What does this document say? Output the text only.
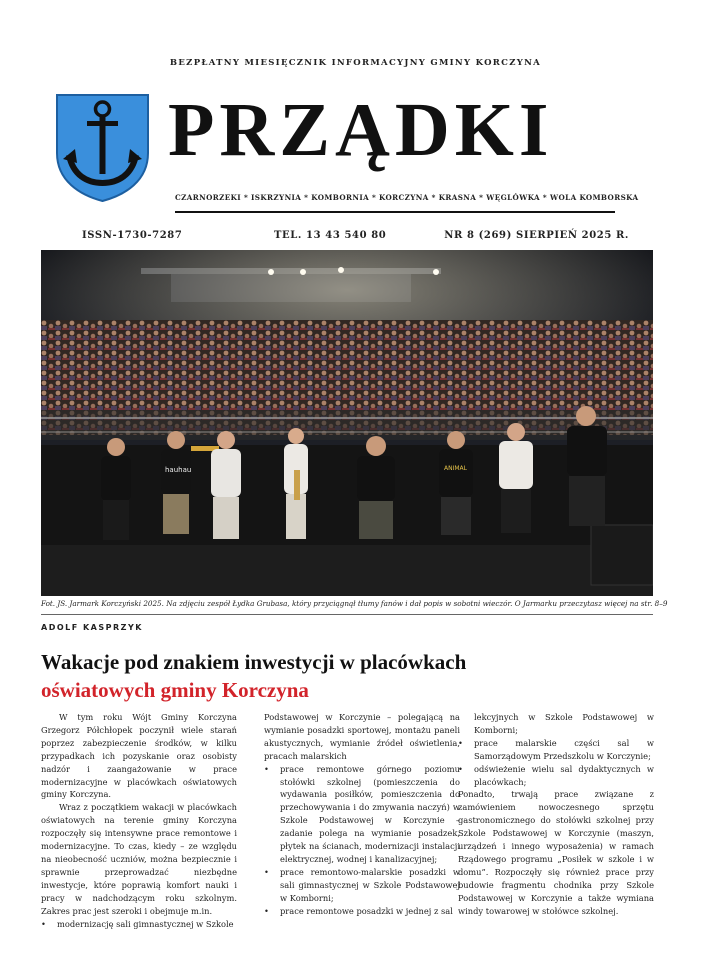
BEZPŁATNY MIESIĘCZNIK INFORMACYJNY GMINY KORCZYNA
PRZĄDKI
CZARNORZEKI * ISKRZYNIA * KOMBORNIA * KORCZYNA * KRASNA * WĘGLÓWKA * WOLA KOMBORSKA
ISSN-1730-7287	TEL. 13 43 540 80	NR 8 (269) SIERPIEŃ 2025 R.
hauhau	ANIMAL
Fot. JS. Jarmark Korczyński 2025. Na zdjęciu zespół Łydka Grubasa, który przyciągnął tłumy fanów i dał popis w sobotni wieczór. O Jarmarku przeczytasz więcej na str. 8–9
ADOLF KASPRZYK
Wakacje pod znakiem inwestycji w placówkach
oświatowych gminy Korczyna

W tym roku Wójt Gminy Korczyna Grzegorz Półchłopek poczynił wiele starań poprzez zabezpieczenie środków, w kilku przypadkach ich pozyskanie oraz osobisty nadzór i zaangażowanie w prace modernizacyjne w placówkach oświatowych gminy Korczyna.

Wraz z początkiem wakacji w placówkach oświatowych na terenie gminy Korczyna rozpoczęły się intensywne prace remontowe i modernizacyjne. To czas, kiedy – ze względu na nieobecność uczniów, można bezpiecznie i sprawnie przeprowadzać niezbędne inwestycje, które poprawią komfort nauki i pracy w nadchodzącym roku szkolnym. Zakres prac jest szeroki i obejmuje m.in.

• modernizację sali gimnastycznej w Szkole

Podstawowej w Korczynie – polegającą na wymianie posadzki sportowej, montażu paneli akustycznych, wymianie źródeł oświetlenia, pracach malarskich

• prace remontowe górnego poziomu stołówki szkolnej (pomieszczenia do wydawania posiłków, pomieszczenia do przechowywania i do zmywania naczyń) w Szkole Podstawowej w Korczynie – zadanie polega na wymianie posadzek, płytek na ścianach, modernizacji instalacji elektrycznej, wodnej i kanalizacyjnej;
• prace remontowo-malarskie posadzki w sali gimnastycznej w Szkole Podstawowej w Kombornі;
• prace remontowe posadzki w jednej z sal
lekcyjnych w Szkole Podstawowej w Komborni;
• prace malarskie części sal w Samorządowym Przedszkolu w Korczynie;
• odświeżenie wielu sal dydaktycznych w placówkach;

Ponadto, trwają prace związane z zamówieniem nowoczesnego sprzętu gastronomicznego do stołówki szkolnej przy Szkole Podstawowej w Korczynie (maszyn, urządzeń i innego wyposażenia) w ramach Rządowego programu „Posiłek w szkole i w domu”. Rozpoczęły się również prace przy budowie fragmentu chodnika przy Szkole Podstawowej w Korczynie a także wymiana windy towarowej w stołówce szkolnej.
